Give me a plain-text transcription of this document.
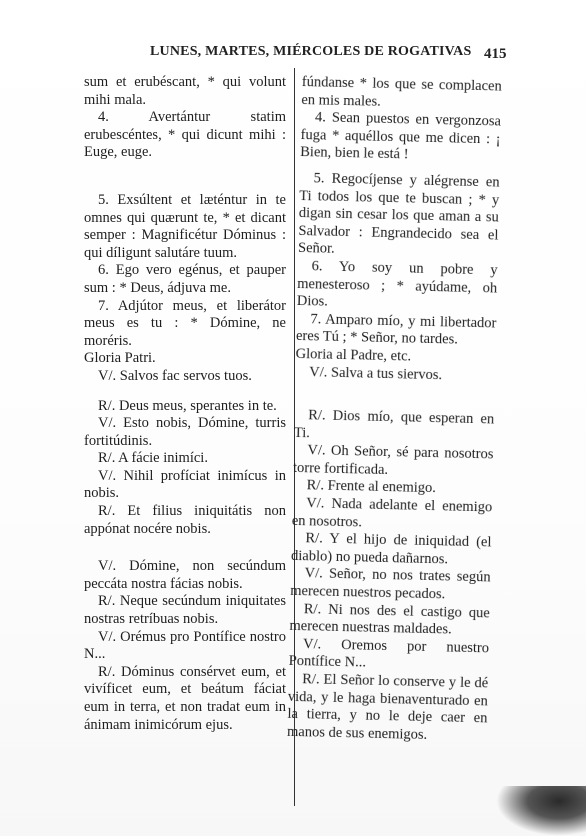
LUNES, MARTES, MIÉRCOLES DE ROGATIVAS 415

sum et erubéscant, * qui volunt mihi mala.

4. Avertántur statim erubescéntes, * qui dicunt mihi : Euge, euge.

5. Exsúltent et læténtur in te omnes qui quærunt te, * et dicant semper : Magnificétur Dóminus : qui díligunt salutáre tuum.

6. Ego vero egénus, et pauper sum : * Deus, ádjuva me.

7. Adjútor meus, et liberátor meus es tu : * Dómine, ne moréris.

Gloria Patri.

V/. Salvos fac servos tuos.

R/. Deus meus, sperantes in te.

V/. Esto nobis, Dómine, turris fortitúdinis.

R/. A fácie inimíci.

V/. Nihil profíciat inimícus in nobis.

R/. Et filius iniquitátis non appónat nocére nobis.

V/. Dómine, non secúndum peccáta nostra fácias nobis.

R/. Neque secúndum iniquitates nostras retríbuas nobis.

V/. Orémus pro Pontífice nostro N...

R/. Dóminus consérvet eum, et vivíficet eum, et beátum fáciat eum in terra, et non tradat eum in ánimam inimicórum ejus.

fúndanse * los que se complacen en mis males.

4. Sean puestos en vergonzosa fuga * aquéllos que me dicen : ¡ Bien, bien le está !

5. Regocíjense y alégrense en Ti todos los que te buscan ; * y digan sin cesar los que aman a su Salvador : Engrandecido sea el Señor.

6. Yo soy un pobre y menesteroso ; * ayúdame, oh Dios.

7. Amparo mío, y mi libertador eres Tú ; * Señor, no tardes.

Gloria al Padre, etc.

V/. Salva a tus siervos.

R/. Dios mío, que esperan en Ti.

V/. Oh Señor, sé para nosotros torre fortificada.

R/. Frente al enemigo.

V/. Nada adelante el enemigo en nosotros.

R/. Y el hijo de iniquidad (el diablo) no pueda dañarnos.

V/. Señor, no nos trates según merecen nuestros pecados.

R/. Ni nos des el castigo que merecen nuestras maldades.

V/. Oremos por nuestro Pontífice N...

R/. El Señor lo conserve y le dé vida, y le haga bienaventurado en la tierra, y no le deje caer en manos de sus enemigos.
